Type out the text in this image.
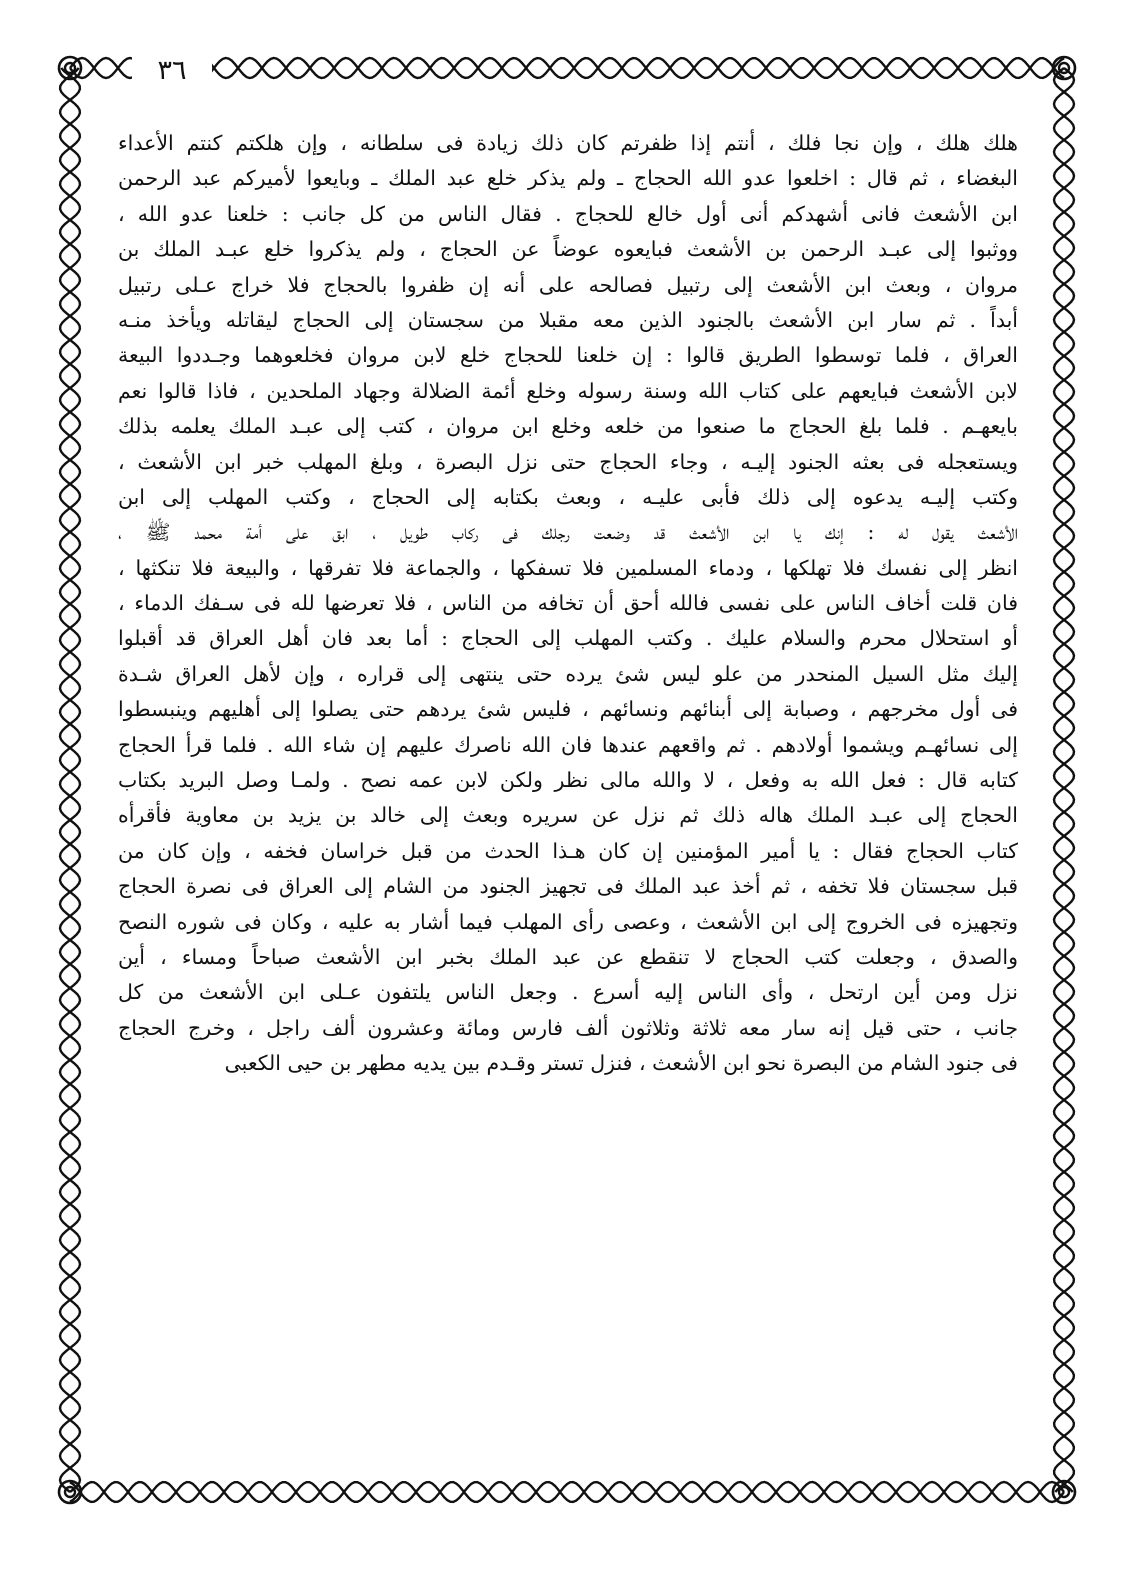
٣٦
هلك هلك ، وإن نجا فلك ، أنتم إذا ظفرتم كان ذلك زيادة فى سلطانه ، وإن هلكتم كنتم الأعداء
البغضاء ، ثم قال : اخلعوا عدو الله الحجاج ـ ولم يذكر خلع عبد الملك ـ وبايعوا لأميركم عبد الرحمن
ابن الأشعث فانى أشهدكم أنى أول خالع للحجاج . فقال الناس من كل جانب : خلعنا عدو الله ،
ووثبوا إلى عبـد الرحمن بن الأشعث فبايعوه عوضاً عن الحجاج ، ولم يذكروا خلع عبـد الملك بن
مروان ، وبعث ابن الأشعث إلى رتبيل فصالحه على أنه إن ظفروا بالحجاج فلا خراج عـلى رتبيل
أبداً . ثم سار ابن الأشعث بالجنود الذين معه مقبلا من سجستان إلى الحجاج ليقاتله ويأخذ منـه
العراق ، فلما توسطوا الطريق قالوا : إن خلعنا للحجاج خلع لابن مروان فخلعوهما وجـددوا البيعة
لابن الأشعث فبايعهم على كتاب الله وسنة رسوله وخلع أئمة الضلالة وجهاد الملحدين ، فاذا قالوا نعم
بايعهـم . فلما بلغ الحجاج ما صنعوا من خلعه وخلع ابن مروان ، كتب إلى عبـد الملك يعلمه بذلك
ويستعجله فى بعثه الجنود إليـه ، وجاء الحجاج حتى نزل البصرة ، وبلغ المهلب خبر ابن الأشعث ،
وكتب إليـه يدعوه إلى ذلك فأبى عليـه ، وبعث بكتابه إلى الحجاج ، وكتب المهلب إلى ابن
الأشعث يقول له : إنك يا ابن الأشعث قد وضعت رجلك فى ركاب طويل ، ابق على أمة محمد ﷺ ،
انظر إلى نفسك فلا تهلكها ، ودماء المسلمين فلا تسفكها ، والجماعة فلا تفرقها ، والبيعة فلا تنكثها ،
فان قلت أخاف الناس على نفسى فالله أحق أن تخافه من الناس ، فلا تعرضها لله فى سـفك الدماء ،
أو استحلال محرم والسلام عليك . وكتب المهلب إلى الحجاج : أما بعد فان أهل العراق قد أقبلوا
إليك مثل السيل المنحدر من علو ليس شئ يرده حتى ينتهى إلى قراره ، وإن لأهل العراق شـدة
فى أول مخرجهم ، وصبابة إلى أبنائهم ونسائهم ، فليس شئ يردهم حتى يصلوا إلى أهليهم وينبسطوا
إلى نسائهـم ويشموا أولادهم . ثم واقعهم عندها فان الله ناصرك عليهم إن شاء الله . فلما قرأ الحجاج
كتابه قال : فعل الله به وفعل ، لا والله مالى نظر ولكن لابن عمه نصح . ولمـا وصل البريد بكتاب
الحجاج إلى عبـد الملك هاله ذلك ثم نزل عن سريره وبعث إلى خالد بن يزيد بن معاوية فأقرأه
كتاب الحجاج فقال : يا أمير المؤمنين إن كان هـذا الحدث من قبل خراسان فخفه ، وإن كان من
قبل سجستان فلا تخفه ، ثم أخذ عبد الملك فى تجهيز الجنود من الشام إلى العراق فى نصرة الحجاج
وتجهيزه فى الخروج إلى ابن الأشعث ، وعصى رأى المهلب فيما أشار به عليه ، وكان فى شوره النصح
والصدق ، وجعلت كتب الحجاج لا تنقطع عن عبد الملك بخبر ابن الأشعث صباحاً ومساء ، أين
نزل ومن أين ارتحل ، وأى الناس إليه أسرع . وجعل الناس يلتفون عـلى ابن الأشعث من كل
جانب ، حتى قيل إنه سار معه ثلاثة وثلاثون ألف فارس ومائة وعشرون ألف راجل ، وخرج الحجاج
فى جنود الشام من البصرة نحو ابن الأشعث ، فنزل تستر وقـدم بين يديه مطهر بن حيى الكعبى
